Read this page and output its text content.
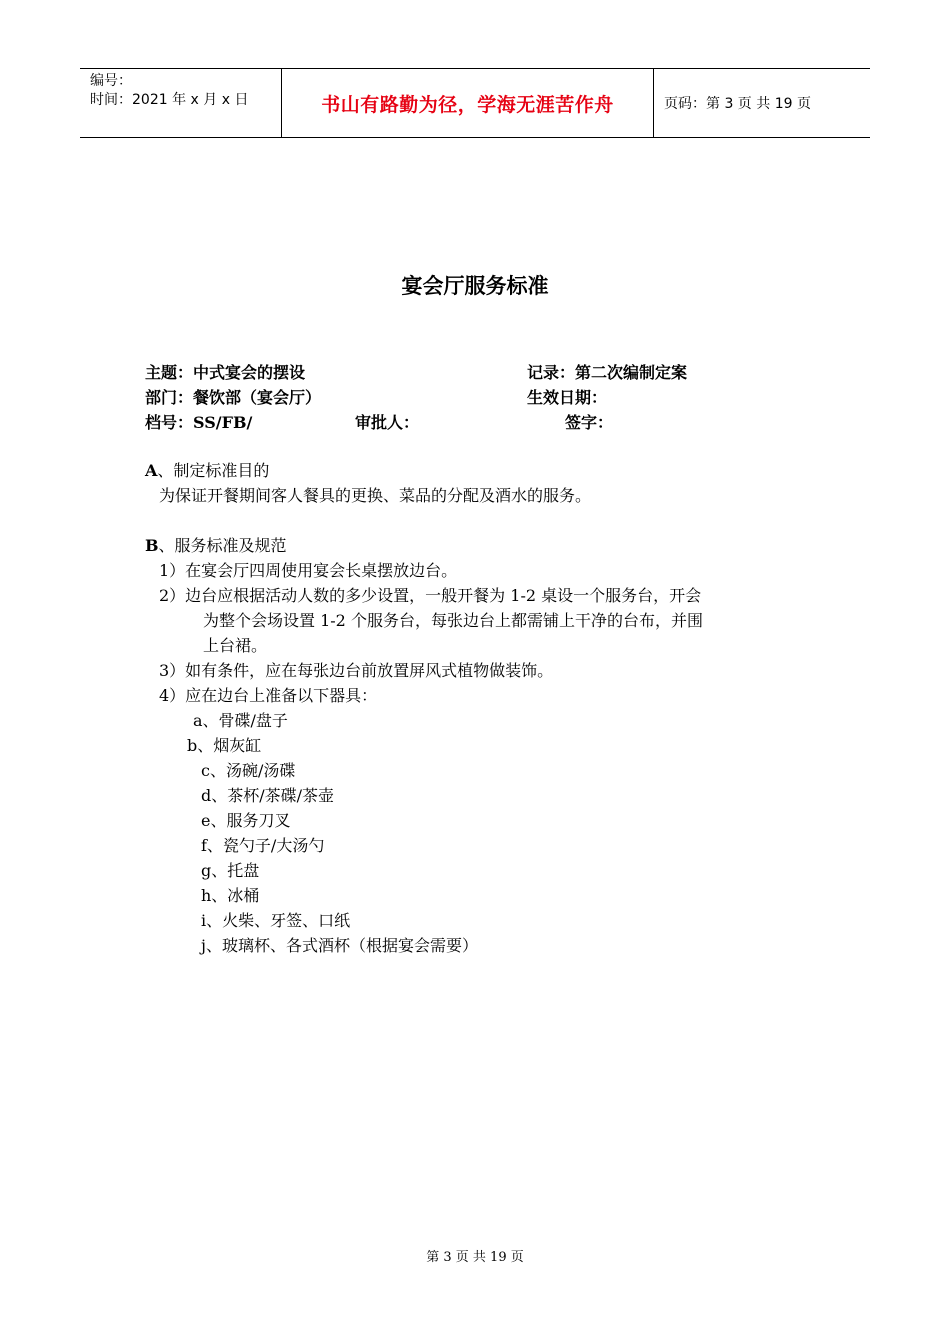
编号：
时间：2021 年 x 月 x 日	书山有路勤为径，学海无涯苦作舟	页码：第 3 页 共 19 页
宴会厅服务标准
主题：中式宴会的摆设	记录：第二次编制定案
部门：餐饮部（宴会厅）	生效日期：
档号：SS/FB/	审批人：	签字：

A、制定标准目的

为保证开餐期间客人餐具的更换、菜品的分配及酒水的服务。

B、服务标准及规范

1）在宴会厅四周使用宴会长桌摆放边台。

2）边台应根据活动人数的多少设置，一般开餐为 1-2 桌设一个服务台，开会

为整个会场设置 1-2 个服务台，每张边台上都需铺上干净的台布，并围

上台裙。

3）如有条件，应在每张边台前放置屏风式植物做装饰。

4）应在边台上准备以下器具：

a、骨碟/盘子

b、烟灰缸

c、汤碗/汤碟

d、茶杯/茶碟/茶壶

e、服务刀叉

f、瓷勺子/大汤勺

g、托盘

h、冰桶

i、火柴、牙签、口纸

j、玻璃杯、各式酒杯（根据宴会需要）

第 3 页 共 19 页
